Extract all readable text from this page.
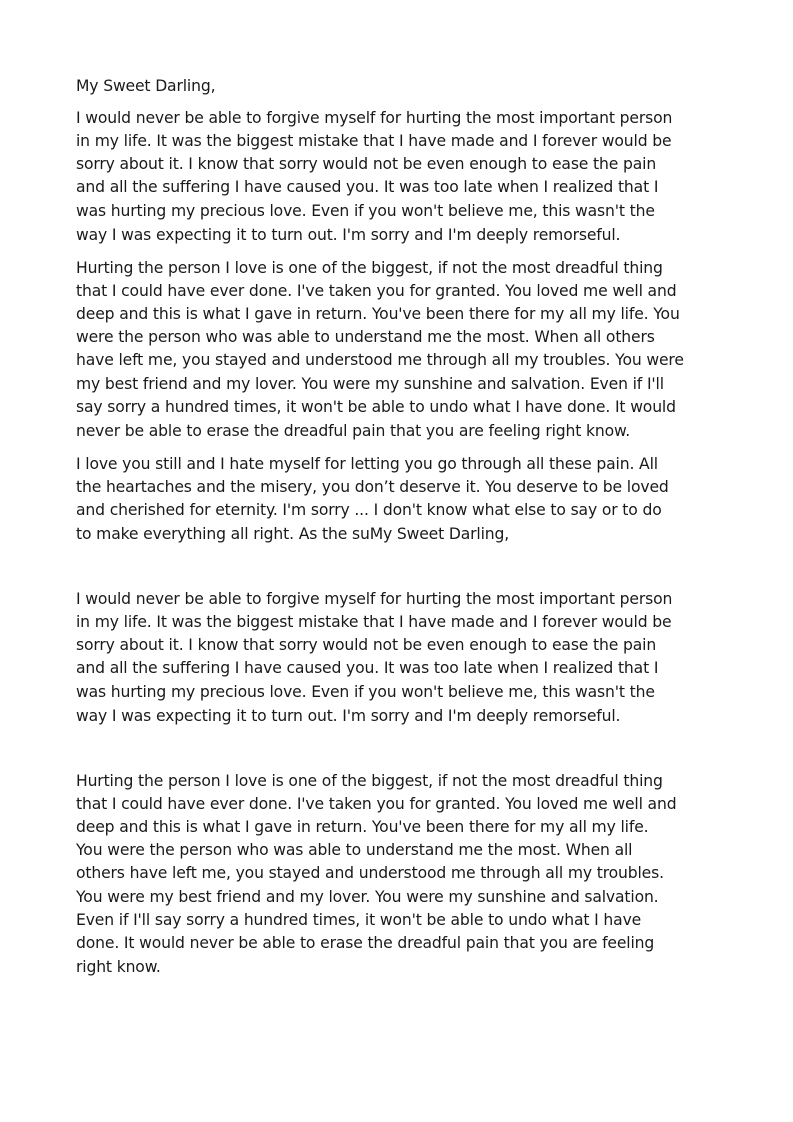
My Sweet Darling,
I would never be able to forgive myself for hurting the most important person
in my life. It was the biggest mistake that I have made and I forever would be
sorry about it. I know that sorry would not be even enough to ease the pain
and all the suffering I have caused you. It was too late when I realized that I
was hurting my precious love. Even if you won't believe me, this wasn't the
way I was expecting it to turn out. I'm sorry and I'm deeply remorseful.
Hurting the person I love is one of the biggest, if not the most dreadful thing
that I could have ever done. I've taken you for granted. You loved me well and
deep and this is what I gave in return. You've been there for my all my life. You
were the person who was able to understand me the most. When all others
have left me, you stayed and understood me through all my troubles. You were
my best friend and my lover. You were my sunshine and salvation. Even if I'll
say sorry a hundred times, it won't be able to undo what I have done. It would
never be able to erase the dreadful pain that you are feeling right know.
I love you still and I hate myself for letting you go through all these pain. All
the heartaches and the misery, you don’t deserve it. You deserve to be loved
and cherished for eternity. I'm sorry ... I don't know what else to say or to do
to make everything all right. As the suMy Sweet Darling,
I would never be able to forgive myself for hurting the most important person
in my life. It was the biggest mistake that I have made and I forever would be
sorry about it. I know that sorry would not be even enough to ease the pain
and all the suffering I have caused you. It was too late when I realized that I
was hurting my precious love. Even if you won't believe me, this wasn't the
way I was expecting it to turn out. I'm sorry and I'm deeply remorseful.
Hurting the person I love is one of the biggest, if not the most dreadful thing
that I could have ever done. I've taken you for granted. You loved me well and
deep and this is what I gave in return. You've been there for my all my life.
You were the person who was able to understand me the most. When all
others have left me, you stayed and understood me through all my troubles.
You were my best friend and my lover. You were my sunshine and salvation.
Even if I'll say sorry a hundred times, it won't be able to undo what I have
done. It would never be able to erase the dreadful pain that you are feeling
right know.
